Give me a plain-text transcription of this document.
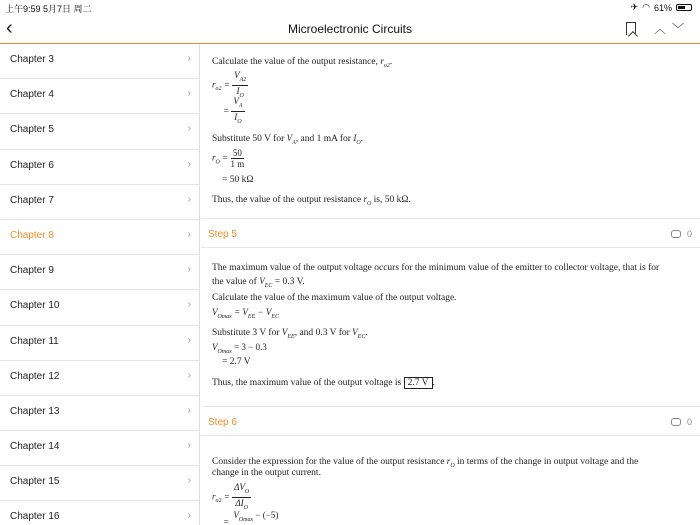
上午9:59 5月7日 周二	✈ ◠ 61%
‹	Microelectronic Circuits	︿ ﹀
Chapter 3	›
Chapter 4	›
Chapter 5	›
Chapter 6	›
Chapter 7	›
Chapter 8	›
Chapter 9	›
Chapter 10	›
Chapter 11	›
Chapter 12	›
Chapter 13	›
Chapter 14	›
Chapter 15	›
Chapter 16	›
Calculate the value of the output resistance, $r_{o2}$.
$r_{o2} = \frac{V_{A2}}{I_O}$
= $\frac{V_A}{I_O}$
Substitute 50 V for $V_A$, and 1 mA for $I_O$.
$r_O = \frac{50}{1 m}$
= 50 kΩ
Thus, the value of the output resistance $r_O$ is, 50 kΩ.
Step 5	0
The maximum value of the output voltage occurs for the minimum value of the emitter to collector voltage, that is for
the value of $V_{EC} = 0.3$ V.
Calculate the value of the maximum value of the output voltage.
$V_{Omax} = V_{EE} - V_{EC}$
Substitute 3 V for $V_{EE}$, and 0.3 V for $V_{EC}$.
$V_{Omax} = 3 - 0.3$
= 2.7 V
Thus, the maximum value of the output voltage is 2.7 V .
Step 6	0
Consider the expression for the value of the output resistance $r_O$ in terms of the change in output voltage and the
change in the output current.
$r_{o2} = \frac{\Delta V_O}{\Delta I_O}$
=
$V_{Omax} - (-5)$
